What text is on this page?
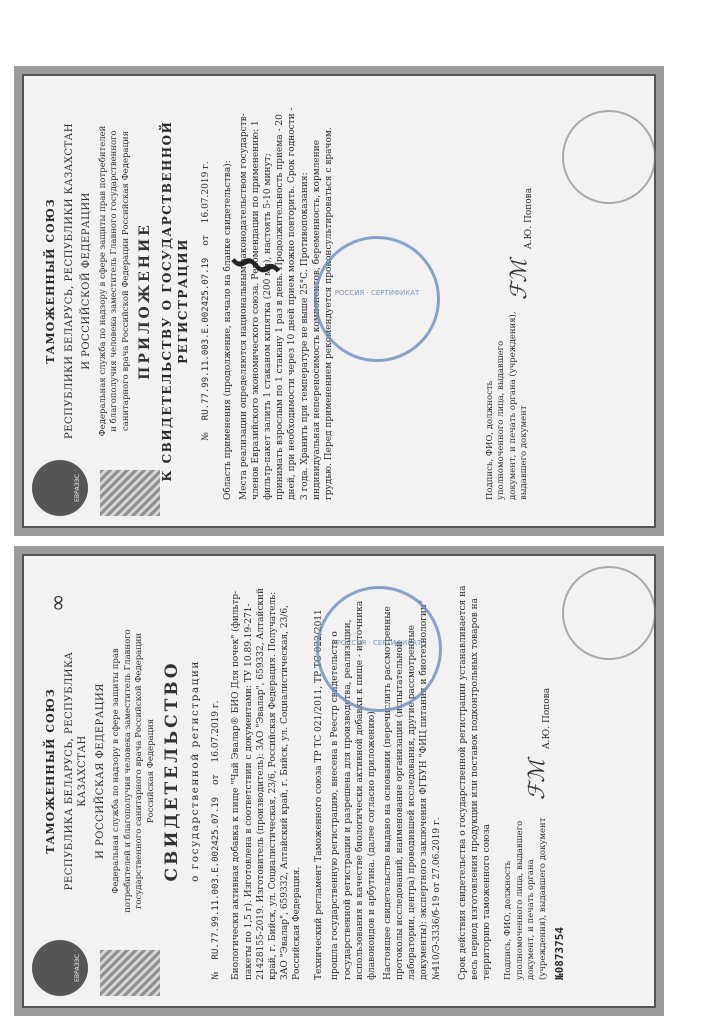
ЕВРАЗЭС
∞

ТАМОЖЕННЫЙ СОЮЗ РЕСПУБЛИКА БЕЛАРУСЬ, РЕСПУБЛИКА КАЗАХСТАН И РОССИЙСКАЯ ФЕДЕРАЦИЯ Федеральная служба по надзору в сфере защиты прав потребителей и благополучия человека заместитель Главного государственного санитарного врача Российской Федерации Российская Федерация СВИДЕТЕЛЬСТВО о государственной регистрации

№
RU.77.99.11.003.E.002425.07.19
от
16.07.2019 г. Биологически активная добавка к пище "Чай Эвалар® БИО Для почек" (фильтр-пакеты по 1,5 г). Изготовлена в соответствии с документами: ТУ 10.89.19-271-21428155-2019. Изготовитель (производитель): ЗАО "Эвалар", 659332, Алтайский край, г. Бийск, ул. Социалистическая, 23/6, Российская Федерация. Получатель: ЗАО "Эвалар", 659332, Алтайский край, г. Бийск, ул. Социалистическая, 23/6, Российская Федерация. Технический регламент Таможенного союза ТР ТС 021/2011, ТР ТС 022/2011 прошла государственную регистрацию, внесена в Реестр свидетельств о государственной регистрации и разрешена для производства, реализации, использования в качестве биологически активной добавки к пище - источника флавоноидов и арбутина. (далее согласно приложению) Настоящее свидетельство выдано на основании (перечислить рассмотренные протоколы исследований, наименование организации (испытательной лаборатории, центра) проводившей исследования, другие рассмотренные документы): экспертного заключения ФГБУН "ФИЦ питания и биотехнологии" №410/Э-3336/б-19 от 27.06.2019 г. Срок действия свидетельства о государственной регистрации устанавливается на весь период изготовления продукции или поставок подконтрольных товаров на территорию таможенного союза Подпись, ФИО, должность уполномоченного лица, выдавшего документ, и печать органа (учреждения), выдавшего документ

ℱℳ
А.Ю. Попова

№0873754

РОССИЯ · СЕРТИФИКАТ
ЕВРАЗЭС

ТАМОЖЕННЫЙ СОЮЗ РЕСПУБЛИКИ БЕЛАРУСЬ, РЕСПУБЛИКИ КАЗАХСТАН И РОССИЙСКОЙ ФЕДЕРАЦИИ Федеральная служба по надзору в сфере защиты прав потребителей и благополучия человека заместитель Главного государственного санитарного врача Российской Федерации Российская Федерация ПРИЛОЖЕНИЕ К СВИДЕТЕЛЬСТВУ О ГОСУДАРСТВЕННОЙ РЕГИСТРАЦИИ

№
RU.77.99.11.003.E.002425.07.19
от
16.07.2019 г. Область применения (продолжение, начало на бланке свидетельства): Места реализации определяются национальным законодательством государств-членов Евразийского экономического союза. Рекомендации по применению: 1 фильтр-пакет залить 1 стаканом кипятка (200 мл), настоять 5-10 минут; принимать взрослым по 1 стакану 1 раз в день. Продолжительность приема - 20 дней, при необходимости через 10 дней прием можно повторить. Срок годности - 3 года. Хранить при температуре не выше 25°С. Противопоказания: индивидуальная непереносимость компонентов, беременность, кормление грудью. Перед применением рекомендуется проконсультироваться с врачом.	Подпись, ФИО, должность уполномоченного лица, выдавшего документ, и печать органа (учреждения), выдавшего документ

ℱℳ
А.Ю. Попова
РОССИЯ · СЕРТИФИКАТ
⌇
